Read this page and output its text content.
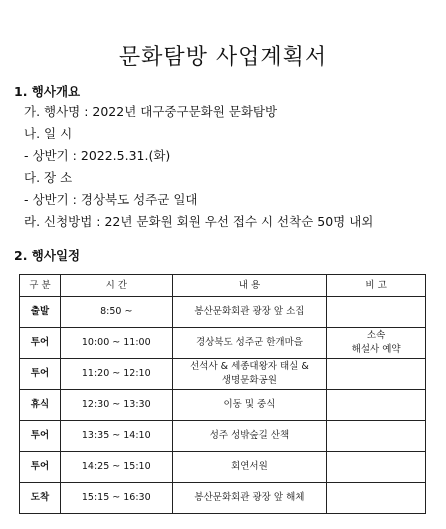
문화탐방 사업계획서
1. 행사개요
가. 행사명 : 2022년 대구중구문화원 문화탐방
나. 일 시
- 상반기 : 2022.5.31.(화)
다. 장 소
- 상반기 : 경상북도 성주군 일대
라. 신청방법 : 22년 문화원 회원 우선 접수 시 선착순 50명 내외
2. 행사일정
구 분	시 간	내 용	비 고
출발	8:50 ~	봉산문화회관 광장 앞 소집	
투어	10:00 ~ 11:00	경상북도 성주군 한개마을	소속
해설사 예약
투어	11:20 ~ 12:10	선석사 & 세종대왕자 태실 &
생명문화공원	
휴식	12:30 ~ 13:30	이동 및 중식	
투어	13:35 ~ 14:10	성주 성밖숲길 산책	
투어	14:25 ~ 15:10	회연서원	
도착	15:15 ~ 16:30	봉산문화회관 광장 앞 해체	
